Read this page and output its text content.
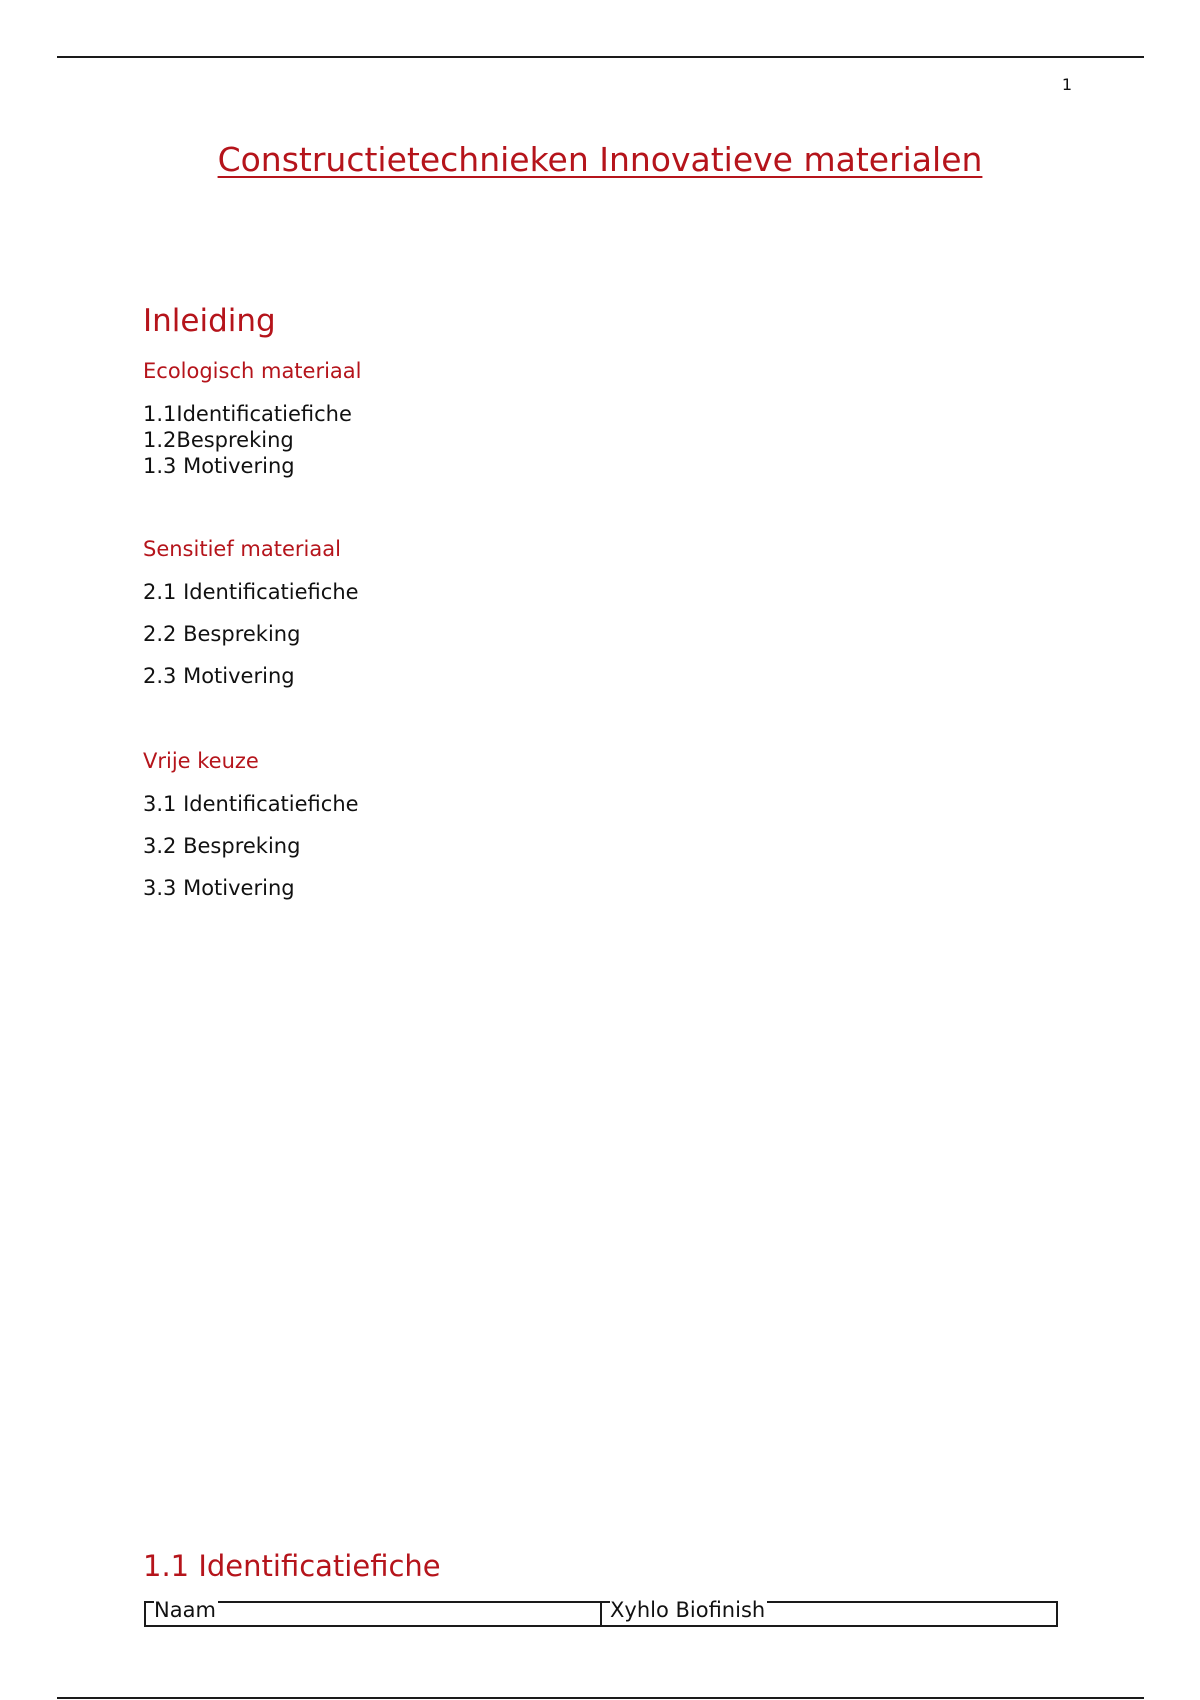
1
Constructietechnieken Innovatieve materialen
Inleiding
Ecologisch materiaal

1.1Identificatiefiche

1.2Bespreking

1.3 Motivering

Sensitief materiaal

2.1 Identificatiefiche

2.2 Bespreking

2.3 Motivering

Vrije keuze

3.1 Identificatiefiche

3.2 Bespreking

3.3 Motivering

1.1 Identificatiefiche
Naam	Xyhlo Biofinish
